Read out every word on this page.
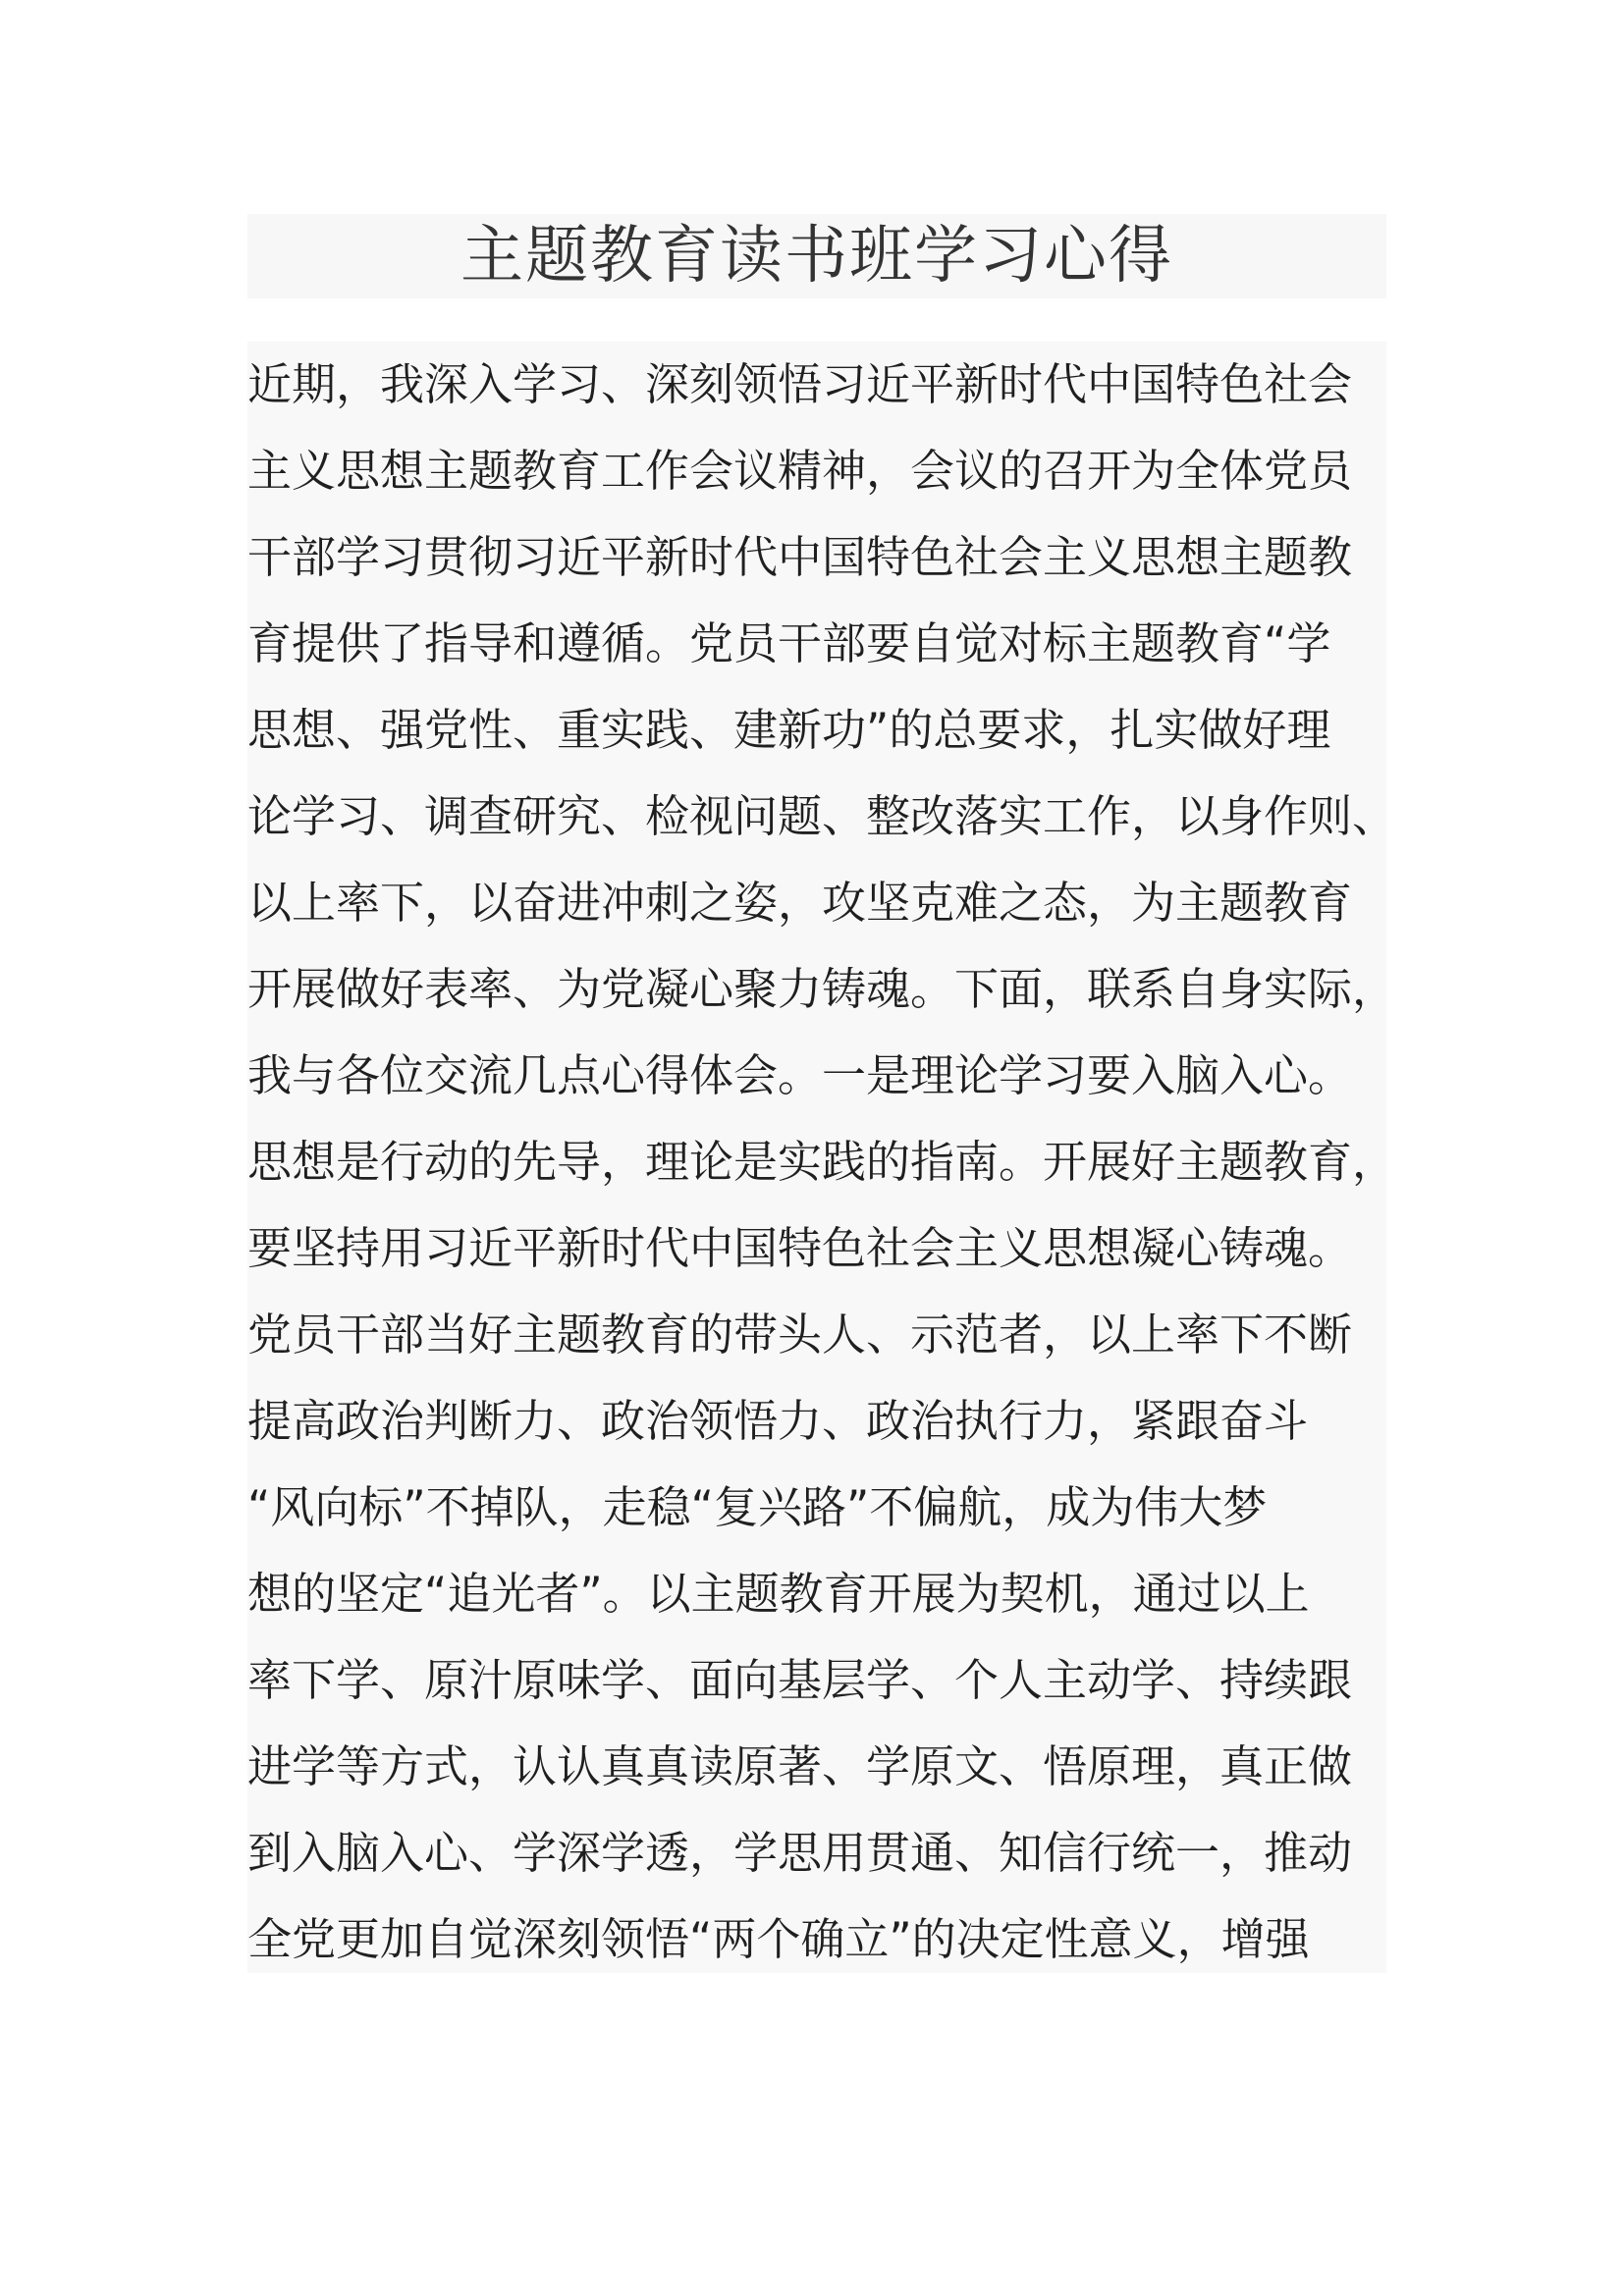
主题教育读书班学习心得
近期，我深入学习、深刻领悟习近平新时代中国特色社会
主义思想主题教育工作会议精神，会议的召开为全体党员
干部学习贯彻习近平新时代中国特色社会主义思想主题教
育提供了指导和遵循。党员干部要自觉对标主题教育“学
思想、强党性、重实践、建新功”的总要求，扎实做好理
论学习、调查研究、检视问题、整改落实工作，以身作则、
以上率下，以奋进冲刺之姿，攻坚克难之态，为主题教育
开展做好表率、为党凝心聚力铸魂。下面，联系自身实际，
我与各位交流几点心得体会。一是理论学习要入脑入心。
思想是行动的先导，理论是实践的指南。开展好主题教育，
要坚持用习近平新时代中国特色社会主义思想凝心铸魂。
党员干部当好主题教育的带头人、示范者，以上率下不断
提高政治判断力、政治领悟力、政治执行力，紧跟奋斗
“风向标”不掉队，走稳“复兴路”不偏航，成为伟大梦
想的坚定“追光者”。以主题教育开展为契机，通过以上
率下学、原汁原味学、面向基层学、个人主动学、持续跟
进学等方式，认认真真读原著、学原文、悟原理，真正做
到入脑入心、学深学透，学思用贯通、知信行统一，推动
全党更加自觉深刻领悟“两个确立”的决定性意义，增强
